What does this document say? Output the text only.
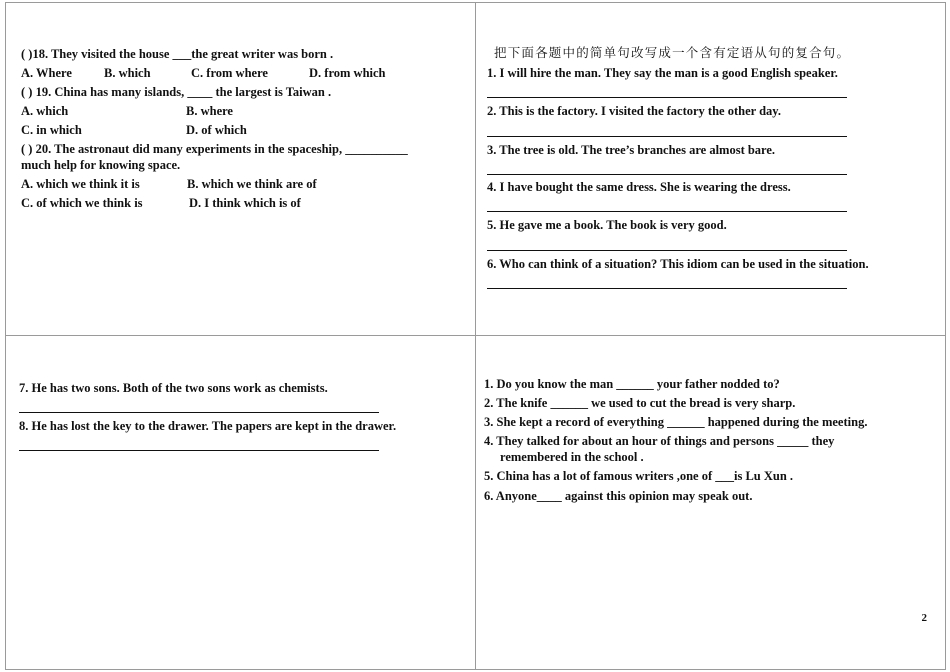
( )18. They visited the house ___the great writer was born .
A. Where	B. which	C. from where	D. from which
( ) 19. China has many islands, ____ the largest is Taiwan .
A. which	B. where
C. in which	D. of which
( ) 20. The astronaut did many experiments in the spaceship, __________
much help for knowing space.
A. which we think it is	B. which we think are of
C. of which we think is	D. I think which is of
把下面各题中的简单句改写成一个含有定语从句的复合句。
1. I will hire the man. They say the man is a good English speaker.
2. This is the factory. I visited the factory the other day.
3. The tree is old. The tree’s branches are almost bare.
4. I have bought the same dress. She is wearing the dress.
5. He gave me a book. The book is very good.
6. Who can think of a situation? This idiom can be used in the situation.
7. He has two sons. Both of the two sons work as chemists.
8. He has lost the key to the drawer. The papers are kept in the drawer.
1. Do you know the man ______ your father nodded to?
2. The knife ______ we used to cut the bread is very sharp.
3. She kept a record of everything ______ happened during the meeting.
4. They talked for about an hour of things and persons _____ they
remembered in the school .
5. China has a lot of famous writers ,one of ___is Lu Xun .
6. Anyone____ against this opinion may speak out.
2
